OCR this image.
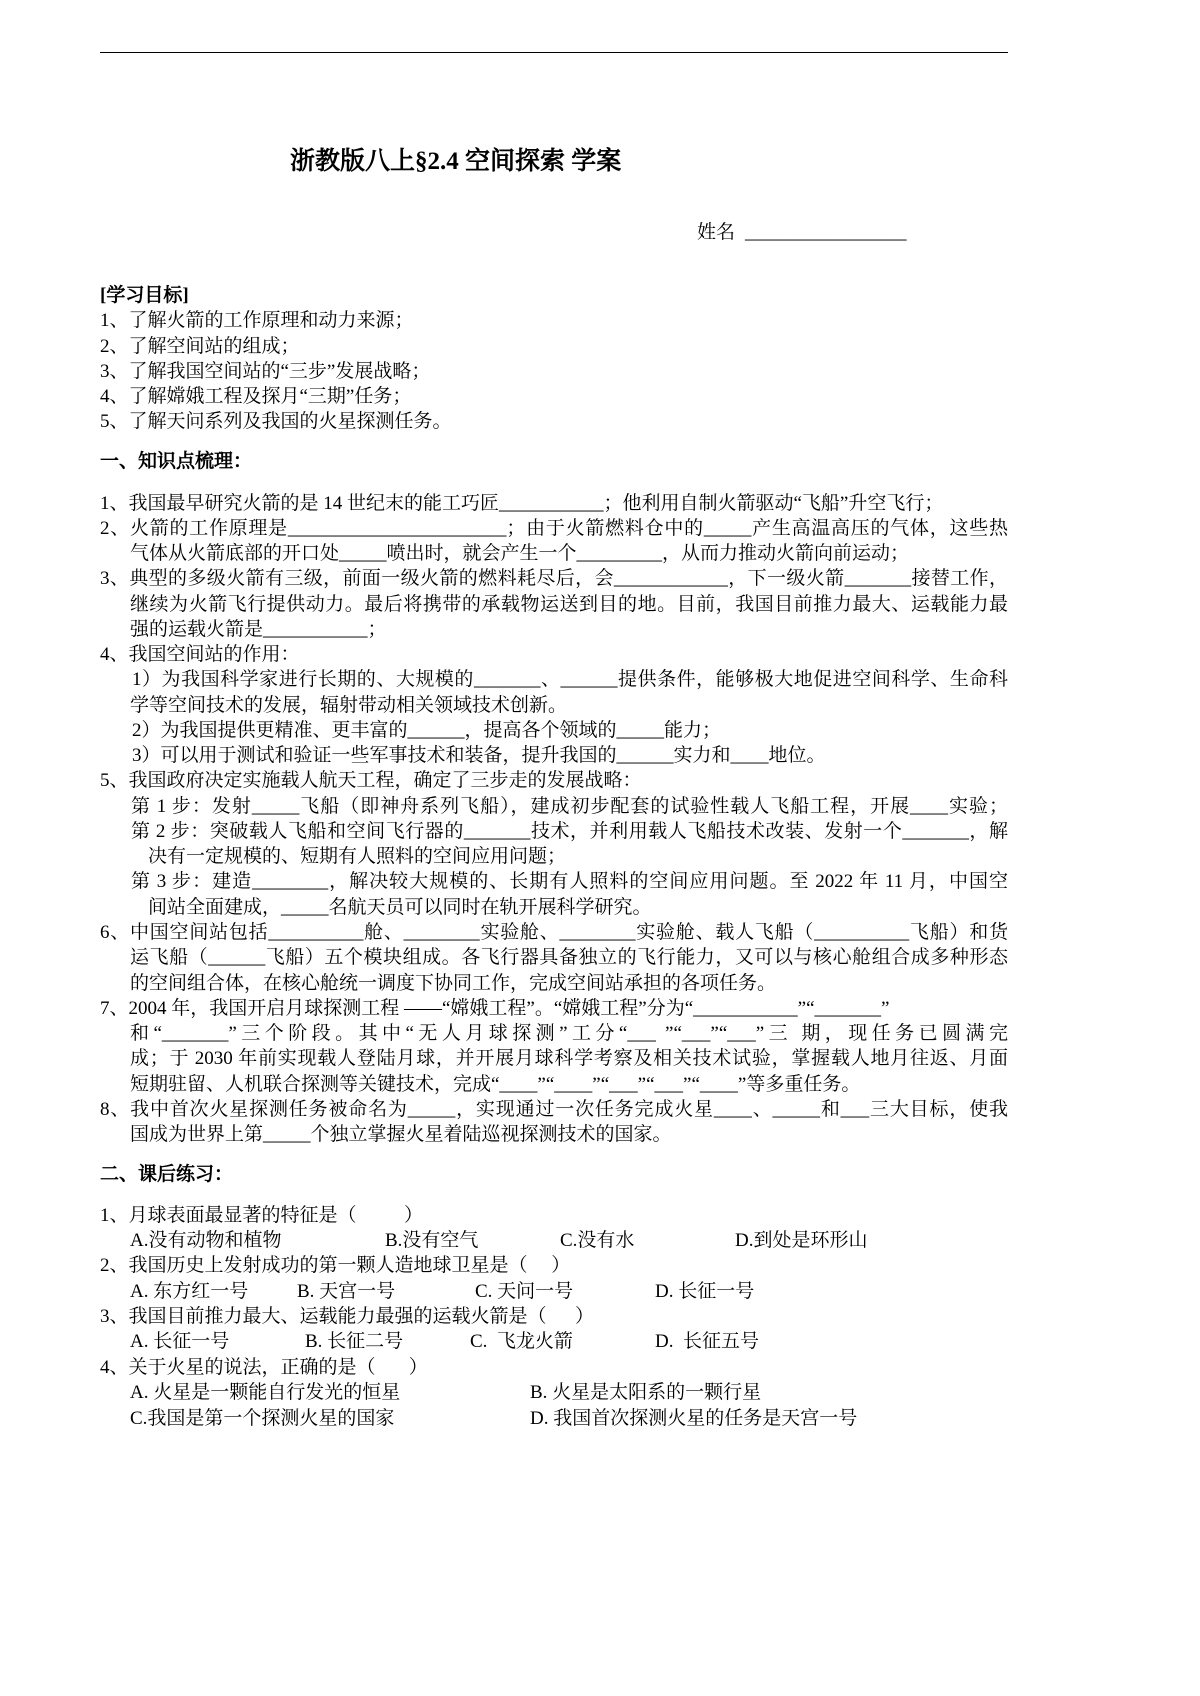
浙教版八上§2.4 空间探索 学案

姓名 _________________

[学习目标]
1、了解火箭的工作原理和动力来源；
2、了解空间站的组成；
3、了解我国空间站的“三步”发展战略；
4、了解嫦娥工程及探月“三期”任务；
5、了解天问系列及我国的火星探测任务。
一、知识点梳理：
1、我国最早研究火箭的是 14 世纪末的能工巧匠___________；他利用自制火箭驱动“飞船”升空飞行；
2、火箭的工作原理是_______________________；由于火箭燃料仓中的_____产生高温高压的气体，这些热
气体从火箭底部的开口处_____喷出时，就会产生一个_________，从而力推动火箭向前运动；
3、典型的多级火箭有三级，前面一级火箭的燃料耗尽后，会____________，下一级火箭_______接替工作，
继续为火箭飞行提供动力。最后将携带的承载物运送到目的地。目前，我国目前推力最大、运载能力最
强的运载火箭是___________；
4、我国空间站的作用：
1）为我国科学家进行长期的、大规模的_______、______提供条件，能够极大地促进空间科学、生命科
学等空间技术的发展，辐射带动相关领域技术创新。
2）为我国提供更精准、更丰富的______，提高各个领域的_____能力；
3）可以用于测试和验证一些军事技术和装备，提升我国的______实力和____地位。
5、我国政府决定实施载人航天工程，确定了三步走的发展战略：
第 1 步：发射_____飞船（即神舟系列飞船），建成初步配套的试验性载人飞船工程，开展____实验；
第 2 步：突破载人飞船和空间飞行器的_______技术，并利用载人飞船技术改装、发射一个_______，解
决有一定规模的、短期有人照料的空间应用问题；
第 3 步：建造________，解决较大规模的、长期有人照料的空间应用问题。至 2022 年 11 月，中国空
间站全面建成，_____名航天员可以同时在轨开展科学研究。
6、中国空间站包括__________舱、________实验舱、________实验舱、载人飞船（__________飞船）和货
运飞船（______飞船）五个模块组成。各飞行器具备独立的飞行能力，又可以与核心舱组合成多种形态
的空间组合体，在核心舱统一调度下协同工作，完成空间站承担的各项任务。
7、2004 年，我国开启月球探测工程 ——“嫦娥工程”。“嫦娥工程”分为“___________”“_______”
和“_______”三个阶段。其中“无人月球探测”工分“___ ”“___”“___”三 期，现任务已圆满完
成；于 2030 年前实现载人登陆月球，并开展月球科学考察及相关技术试验，掌握载人地月往返、月面
短期驻留、人机联合探测等关键技术，完成“____”“____”“___”“___”“____”等多重任务。
8、我中首次火星探测任务被命名为_____，实现通过一次任务完成火星____、_____和___三大目标，使我
国成为世界上第_____个独立掌握火星着陆巡视探测技术的国家。
二、课后练习：
1、月球表面最显著的特征是（          ）

A.没有动物和植物

	B.没有空气

	C.没有水

	D.到处是环形山

2、我国历史上发射成功的第一颗人造地球卫星是（     ）

A. 东方红一号

	B. 天宫一号

	C. 天问一号

	D. 长征一号

3、我国目前推力最大、运载能力最强的运载火箭是（      ）

A. 长征一号

	B. 长征二号

	C.  飞龙火箭

	D.  长征五号

4、关于火星的说法，正确的是（       ）

A. 火星是一颗能自行发光的恒星

	B. 火星是太阳系的一颗行星

C.我国是第一个探测火星的国家

	D. 我国首次探测火星的任务是天宫一号
